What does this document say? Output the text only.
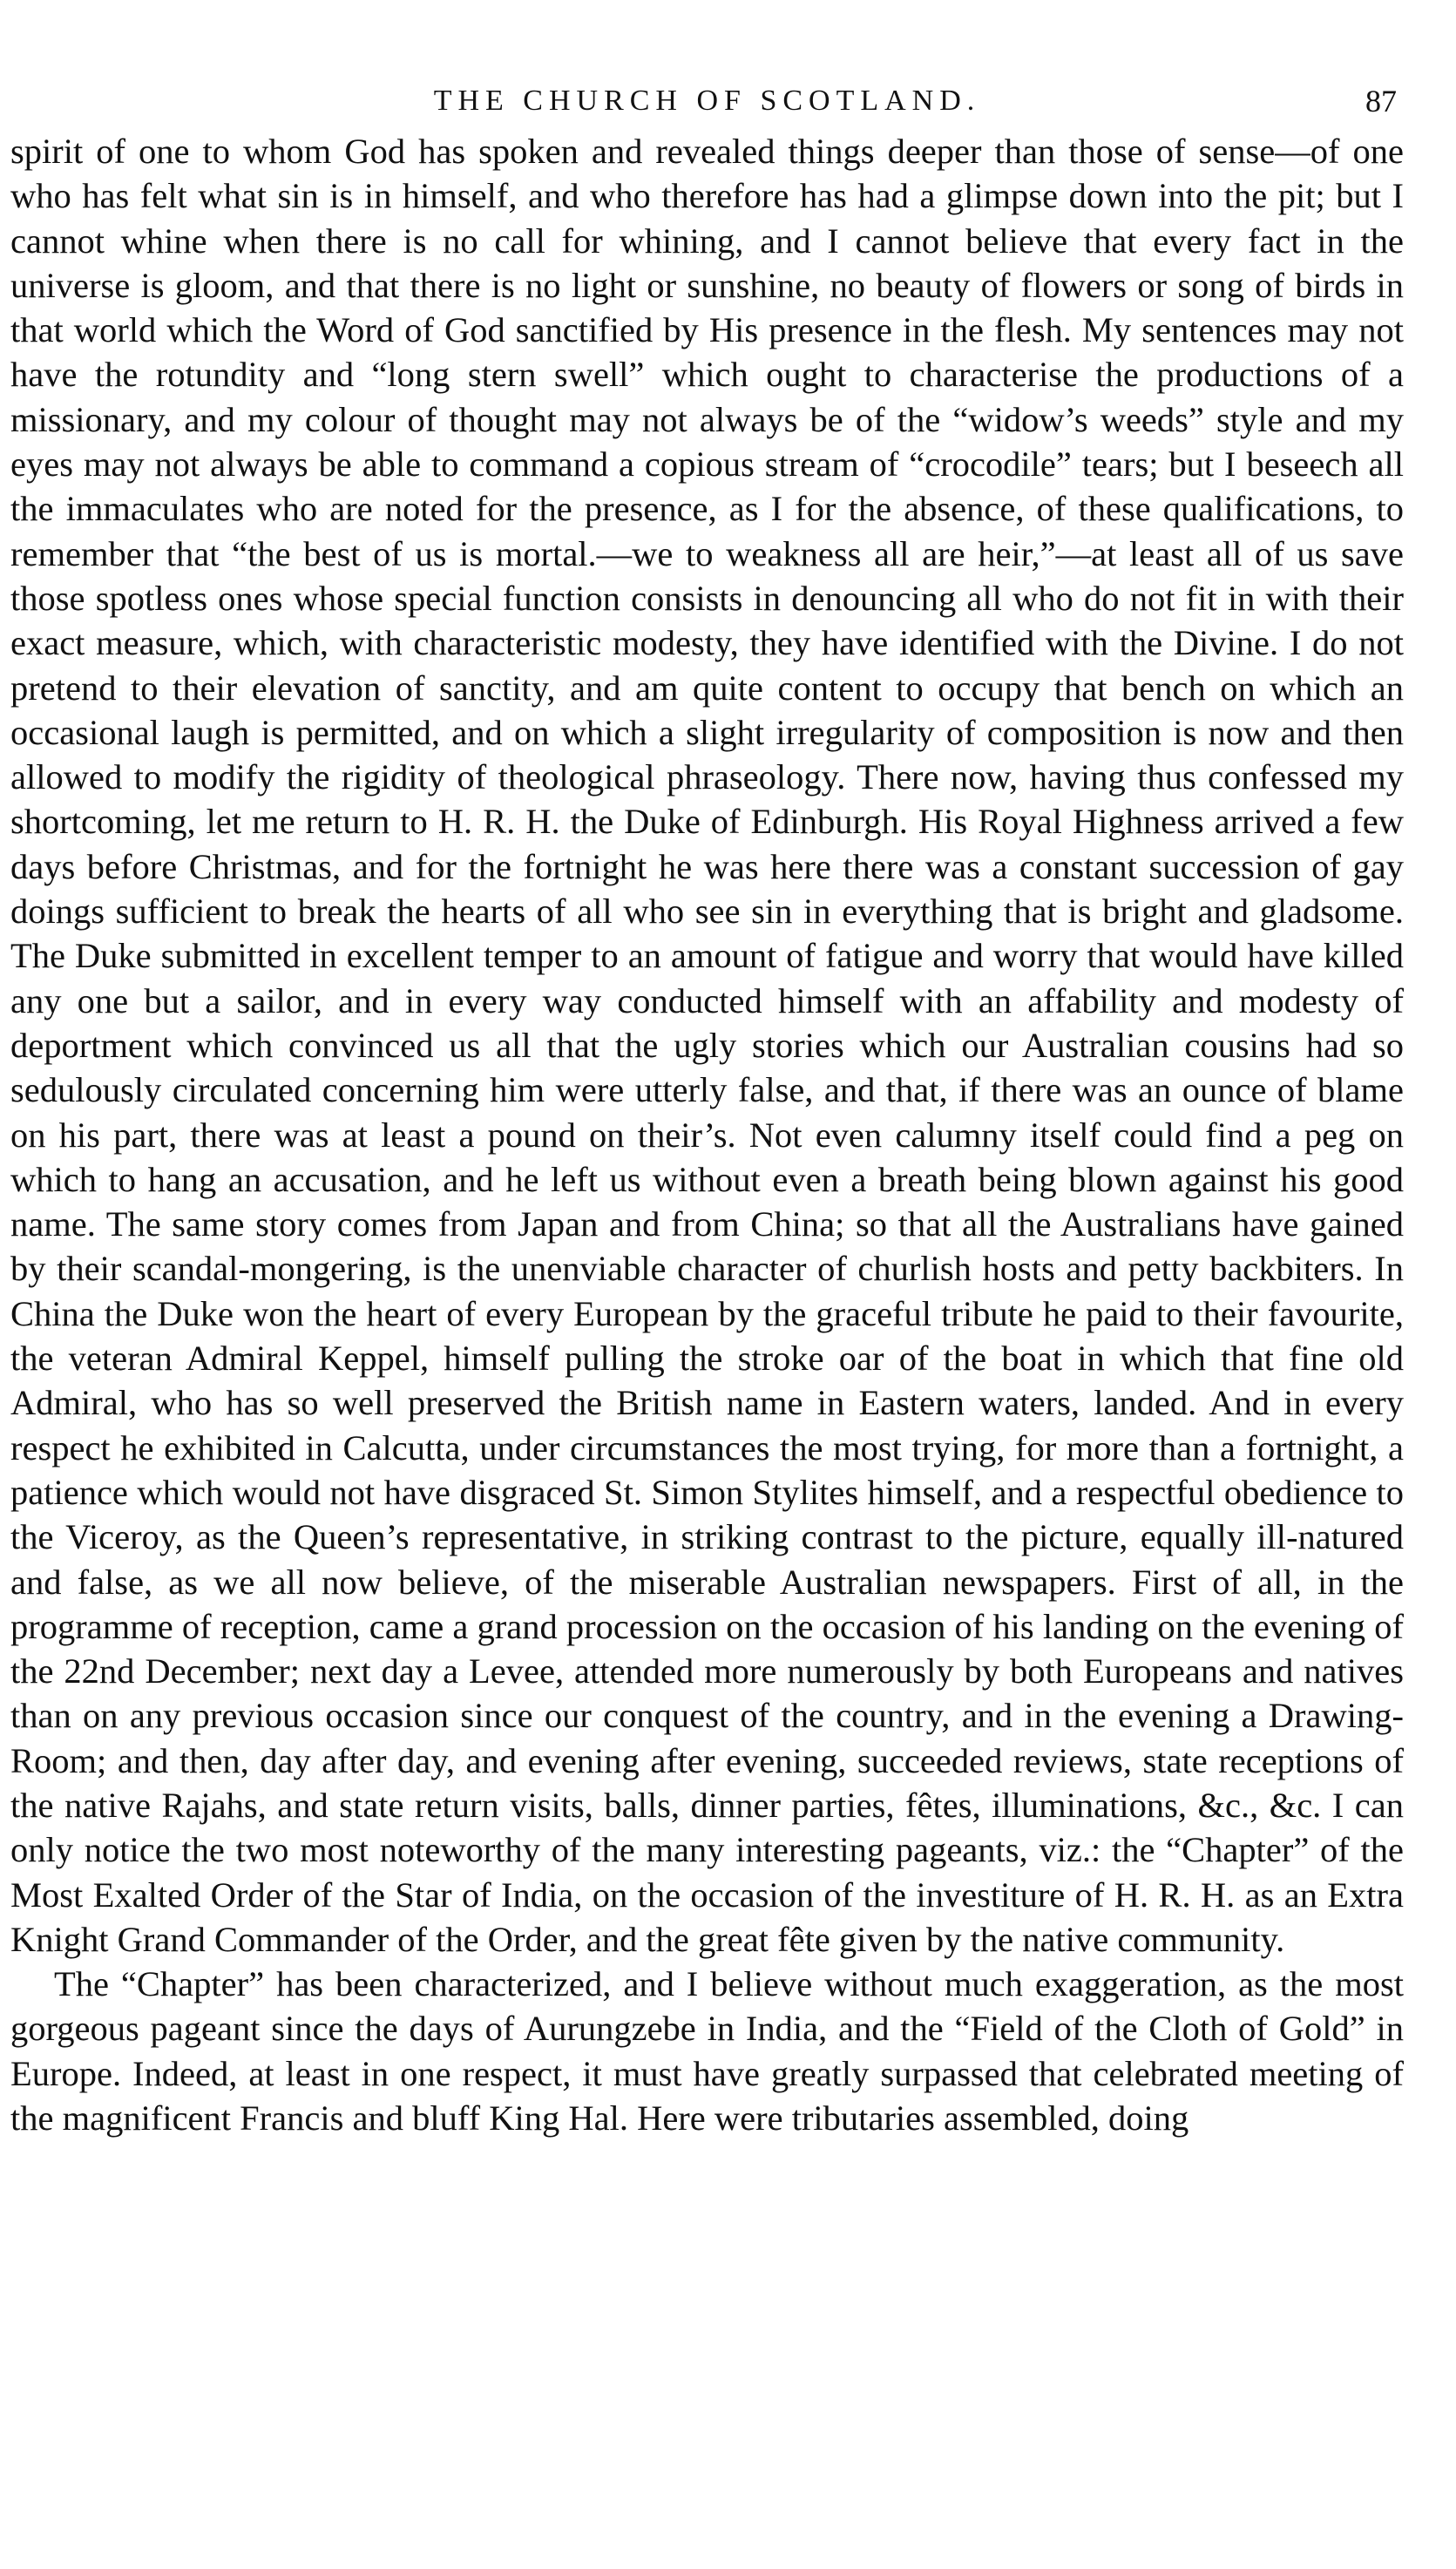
THE CHURCH OF SCOTLAND.	87

spirit of one to whom God has spoken and revealed things deeper than those of sense—of one who has felt what sin is in himself, and who therefore has had a glimpse down into the pit; but I cannot whine when there is no call for whining, and I cannot believe that every fact in the universe is gloom, and that there is no light or sunshine, no beauty of flowers or song of birds in that world which the Word of God sanctified by His presence in the flesh. My sentences may not have the rotundity and “long stern swell” which ought to characterise the productions of a missionary, and my colour of thought may not always be of the “widow’s weeds” style and my eyes may not always be able to command a copious stream of “crocodile” tears; but I beseech all the immaculates who are noted for the presence, as I for the absence, of these qualifications, to remember that “the best of us is mortal.—we to weakness all are heir,”—at least all of us save those spotless ones whose special function consists in denouncing all who do not fit in with their exact measure, which, with characteristic modesty, they have identified with the Divine. I do not pretend to their elevation of sanctity, and am quite content to occupy that bench on which an occasional laugh is permitted, and on which a slight irregularity of composition is now and then allowed to modify the rigidity of theological phraseology. There now, having thus confessed my shortcoming, let me return to H. R. H. the Duke of Edinburgh. His Royal Highness arrived a few days before Christmas, and for the fortnight he was here there was a constant succession of gay doings sufficient to break the hearts of all who see sin in everything that is bright and gladsome. The Duke submitted in excellent temper to an amount of fatigue and worry that would have killed any one but a sailor, and in every way conducted himself with an affability and modesty of deportment which convinced us all that the ugly stories which our Australian cousins had so sedulously circulated concerning him were utterly false, and that, if there was an ounce of blame on his part, there was at least a pound on their’s. Not even calumny itself could find a peg on which to hang an accusation, and he left us without even a breath being blown against his good name. The same story comes from Japan and from China; so that all the Australians have gained by their scandal-mongering, is the unenviable character of churlish hosts and petty backbiters. In China the Duke won the heart of every European by the graceful tribute he paid to their favourite, the veteran Admiral Keppel, himself pulling the stroke oar of the boat in which that fine old Admiral, who has so well preserved the British name in Eastern waters, landed. And in every respect he exhibited in Calcutta, under circumstances the most trying, for more than a fortnight, a patience which would not have disgraced St. Simon Stylites himself, and a respectful obedience to the Viceroy, as the Queen’s representative, in striking contrast to the picture, equally ill-natured and false, as we all now believe, of the miserable Australian newspapers. First of all, in the programme of reception, came a grand procession on the occasion of his landing on the evening of the 22nd December; next day a Levee, attended more numerously by both Europeans and natives than on any previous occasion since our conquest of the country, and in the evening a Drawing-Room; and then, day after day, and evening after evening, succeeded reviews, state receptions of the native Rajahs, and state return visits, balls, dinner parties, fêtes, illuminations, &c., &c. I can only notice the two most noteworthy of the many interesting pageants, viz.: the “Chapter” of the Most Exalted Order of the Star of India, on the occasion of the investiture of H. R. H. as an Extra Knight Grand Commander of the Order, and the great fête given by the native community.

The “Chapter” has been characterized, and I believe without much exaggeration, as the most gorgeous pageant since the days of Aurungzebe in India, and the “Field of the Cloth of Gold” in Europe. Indeed, at least in one respect, it must have greatly surpassed that celebrated meeting of the magnificent Francis and bluff King Hal. Here were tributaries assembled, doing
